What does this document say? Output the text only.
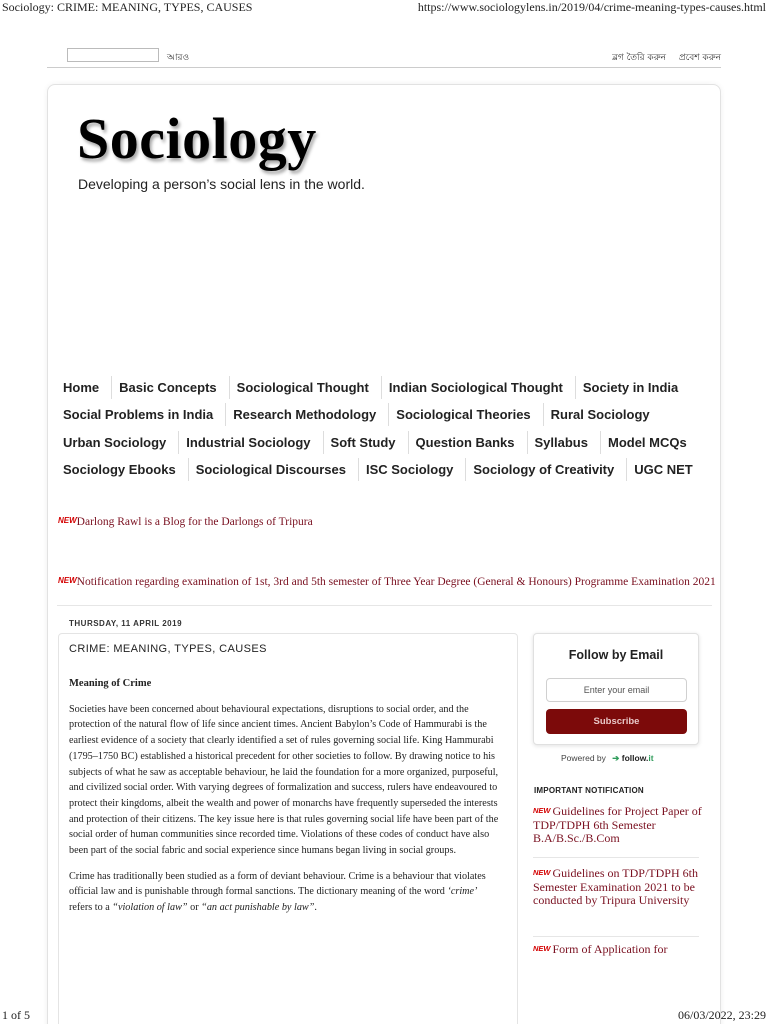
Sociology: CRIME: MEANING, TYPES, CAUSES	https://www.sociologylens.in/2019/04/crime-meaning-types-causes.html
আরও	ব্লগ তৈরি করুন প্রবেশ করুন
Sociology
Developing a person’s social lens in the world.
Home Basic Concepts Sociological Thought Indian Sociological Thought Society in India
Social Problems in India Research Methodology Sociological Theories Rural Sociology
Urban Sociology Industrial Sociology Soft Study Question Banks Syllabus Model MCQs
Sociology Ebooks Sociological Discourses ISC Sociology Sociology of Creativity UGC NET
NEWDarlong Rawl is a Blog for the Darlongs of Tripura
NEWNotification regarding examination of 1st, 3rd and 5th semester of Three Year Degree (General & Honours) Programme Examination 2021
THURSDAY, 11 APRIL 2019
CRIME: MEANING, TYPES, CAUSES
Meaning of Crime

Societies have been concerned about behavioural expectations, disruptions to social order, and the protection of the natural flow of life since ancient times. Ancient Babylon’s Code of Hammurabi is the earliest evidence of a society that clearly identified a set of rules governing social life. King Hammurabi (1795–1750 BC) established a historical precedent for other societies to follow. By drawing notice to his subjects of what he saw as acceptable behaviour, he laid the foundation for a more organized, purposeful, and civilized social order. With varying degrees of formalization and success, rulers have endeavoured to protect their kingdoms, albeit the wealth and power of monarchs have frequently superseded the interests and protection of their citizens. The key issue here is that rules governing social life have been part of the social order of human communities since recorded time. Violations of these codes of conduct have also been part of the social fabric and social experience since humans began living in social groups.

Crime has traditionally been studied as a form of deviant behaviour. Crime is a behaviour that violates official law and is punishable through formal sanctions. The dictionary meaning of the word ‘crime’ refers to a “violation of law” or “an act punishable by law”.

Follow by Email
Enter your email
Subscribe
Powered by ➔ follow.it
IMPORTANT NOTIFICATION
NEW Guidelines for Project Paper of TDP/TDPH 6th Semester B.A/B.Sc./B.Com
NEW Guidelines on TDP/TDPH 6th Semester Examination 2021 to be conducted by Tripura University
NEW Form of Application for
1 of 5	06/03/2022, 23:29
